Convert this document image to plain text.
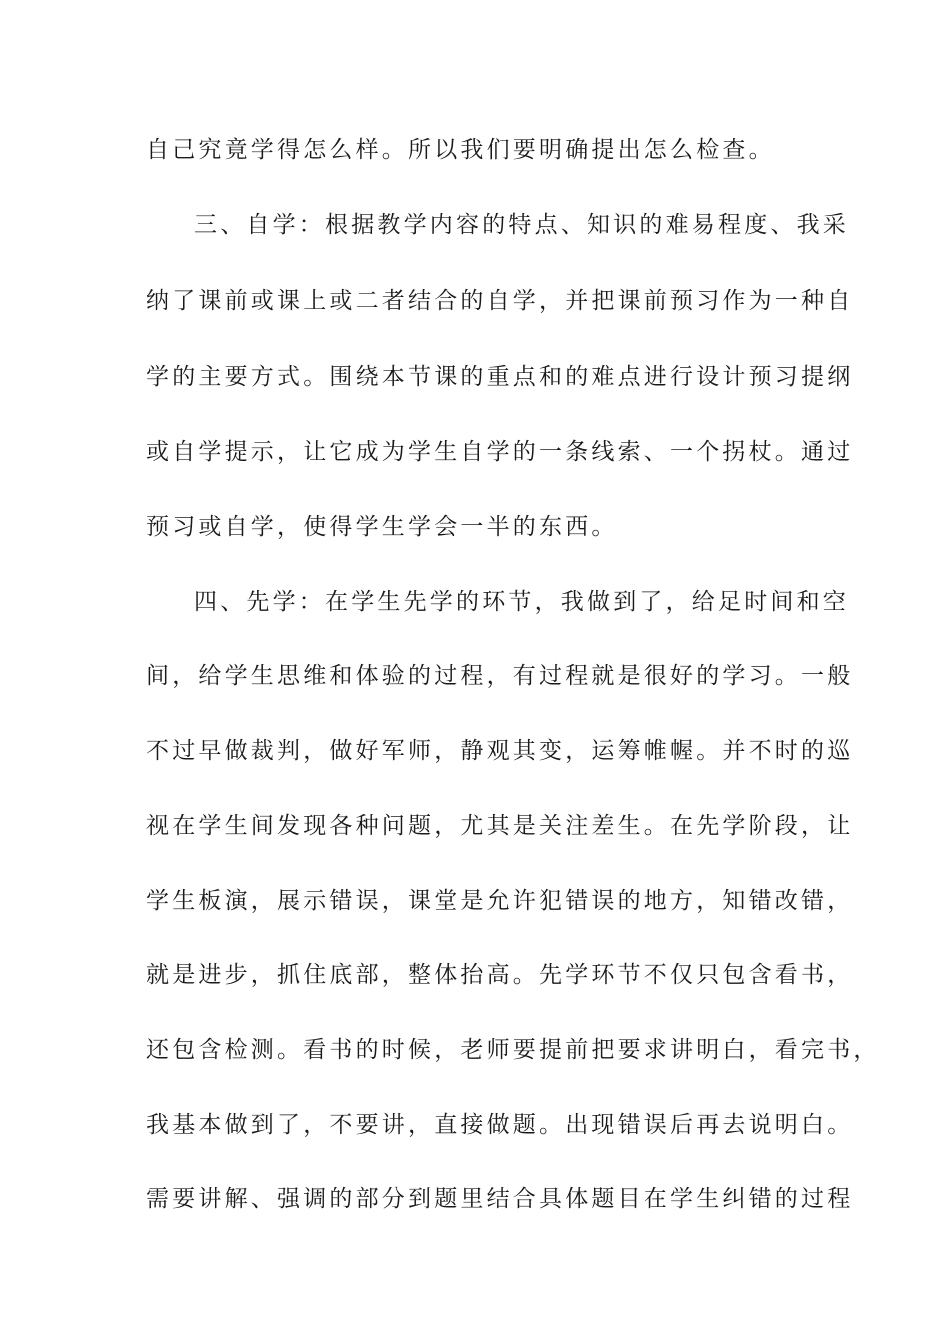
自己究竟学得怎么样。所以我们要明确提出怎么检查。
三、自学：根据教学内容的特点、知识的难易程度、我采
纳了课前或课上或二者结合的自学，并把课前预习作为一种自
学的主要方式。围绕本节课的重点和的难点进行设计预习提纲
或自学提示，让它成为学生自学的一条线索、一个拐杖。通过
预习或自学，使得学生学会一半的东西。
四、先学：在学生先学的环节，我做到了，给足时间和空
间，给学生思维和体验的过程，有过程就是很好的学习。一般
不过早做裁判，做好军师，静观其变，运筹帷幄。并不时的巡
视在学生间发现各种问题，尤其是关注差生。在先学阶段，让
学生板演，展示错误，课堂是允许犯错误的地方，知错改错，
就是进步，抓住底部，整体抬高。先学环节不仅只包含看书，
还包含检测。看书的时候，老师要提前把要求讲明白，看完书，
我基本做到了，不要讲，直接做题。出现错误后再去说明白。
需要讲解、强调的部分到题里结合具体题目在学生纠错的过程
